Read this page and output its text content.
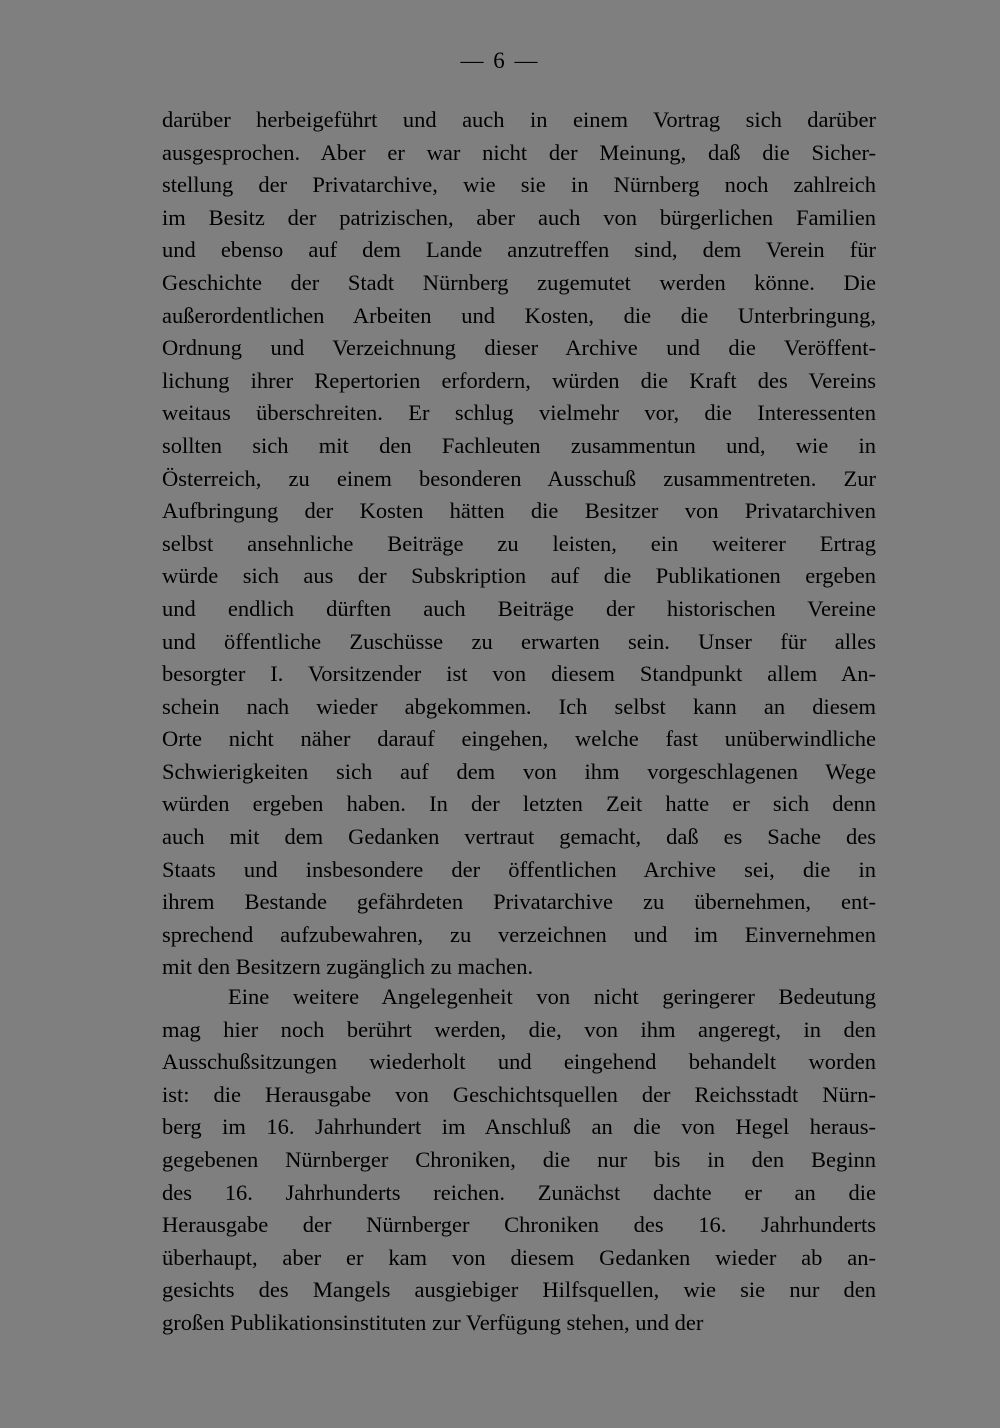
— 6 —
darüber herbeigeführt und auch in einem Vortrag sich darüber
ausgesprochen. Aber er war nicht der Meinung, daß die Sicher-
stellung der Privatarchive, wie sie in Nürnberg noch zahlreich
im Besitz der patrizischen, aber auch von bürgerlichen Familien
und ebenso auf dem Lande anzutreffen sind, dem Verein für
Geschichte der Stadt Nürnberg zugemutet werden könne. Die
außerordentlichen Arbeiten und Kosten, die die Unterbringung,
Ordnung und Verzeichnung dieser Archive und die Veröffent-
lichung ihrer Repertorien erfordern, würden die Kraft des Vereins
weitaus überschreiten. Er schlug vielmehr vor, die Interessenten
sollten sich mit den Fachleuten zusammentun und, wie in
Österreich, zu einem besonderen Ausschuß zusammentreten. Zur
Aufbringung der Kosten hätten die Besitzer von Privatarchiven
selbst ansehnliche Beiträge zu leisten, ein weiterer Ertrag
würde sich aus der Subskription auf die Publikationen ergeben
und endlich dürften auch Beiträge der historischen Vereine
und öffentliche Zuschüsse zu erwarten sein. Unser für alles
besorgter I. Vorsitzender ist von diesem Standpunkt allem An-
schein nach wieder abgekommen. Ich selbst kann an diesem
Orte nicht näher darauf eingehen, welche fast unüberwindliche
Schwierigkeiten sich auf dem von ihm vorgeschlagenen Wege
würden ergeben haben. In der letzten Zeit hatte er sich denn
auch mit dem Gedanken vertraut gemacht, daß es Sache des
Staats und insbesondere der öffentlichen Archive sei, die in
ihrem Bestande gefährdeten Privatarchive zu übernehmen, ent-
sprechend aufzubewahren, zu verzeichnen und im Einvernehmen
mit den Besitzern zugänglich zu machen.
Eine weitere Angelegenheit von nicht geringerer Bedeutung
mag hier noch berührt werden, die, von ihm angeregt, in den
Ausschußsitzungen wiederholt und eingehend behandelt worden
ist: die Herausgabe von Geschichtsquellen der Reichsstadt Nürn-
berg im 16. Jahrhundert im Anschluß an die von Hegel heraus-
gegebenen Nürnberger Chroniken, die nur bis in den Beginn
des 16. Jahrhunderts reichen. Zunächst dachte er an die
Herausgabe der Nürnberger Chroniken des 16. Jahrhunderts
überhaupt, aber er kam von diesem Gedanken wieder ab an-
gesichts des Mangels ausgiebiger Hilfsquellen, wie sie nur den
großen Publikationsinstituten zur Verfügung stehen, und der
